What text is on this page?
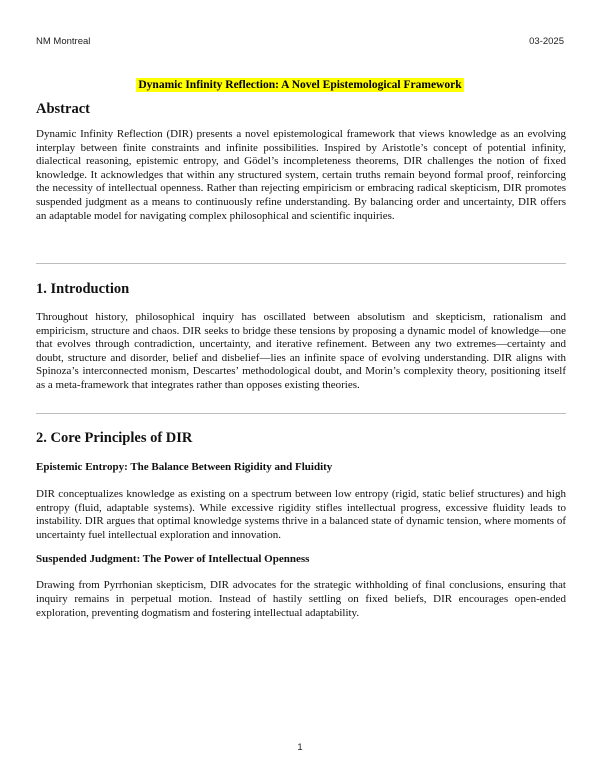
NM Montreal	03-2025
Dynamic Infinity Reflection: A Novel Epistemological Framework
Abstract

Dynamic Infinity Reflection (DIR) presents a novel epistemological framework that views knowledge as an evolving interplay between finite constraints and infinite possibilities. Inspired by Aristotle’s concept of potential infinity, dialectical reasoning, epistemic entropy, and Gödel’s incompleteness theorems, DIR challenges the notion of fixed knowledge. It acknowledges that within any structured system, certain truths remain beyond formal proof, reinforcing the necessity of intellectual openness. Rather than rejecting empiricism or embracing radical skepticism, DIR promotes suspended judgment as a means to continuously refine understanding. By balancing order and uncertainty, DIR offers an adaptable model for navigating complex philosophical and scientific inquiries.

1. Introduction

Throughout history, philosophical inquiry has oscillated between absolutism and skepticism, rationalism and empiricism, structure and chaos. DIR seeks to bridge these tensions by proposing a dynamic model of knowledge—one that evolves through contradiction, uncertainty, and iterative refinement. Between any two extremes—certainty and doubt, structure and disorder, belief and disbelief—lies an infinite space of evolving understanding. DIR aligns with Spinoza’s interconnected monism, Descartes’ methodological doubt, and Morin’s complexity theory, positioning itself as a meta-framework that integrates rather than opposes existing theories.

2. Core Principles of DIR
Epistemic Entropy: The Balance Between Rigidity and Fluidity

DIR conceptualizes knowledge as existing on a spectrum between low entropy (rigid, static belief structures) and high entropy (fluid, adaptable systems). While excessive rigidity stifles intellectual progress, excessive fluidity leads to instability. DIR argues that optimal knowledge systems thrive in a balanced state of dynamic tension, where moments of uncertainty fuel intellectual exploration and innovation.

Suspended Judgment: The Power of Intellectual Openness

Drawing from Pyrrhonian skepticism, DIR advocates for the strategic withholding of final conclusions, ensuring that inquiry remains in perpetual motion. Instead of hastily settling on fixed beliefs, DIR encourages open-ended exploration, preventing dogmatism and fostering intellectual adaptability.

1
